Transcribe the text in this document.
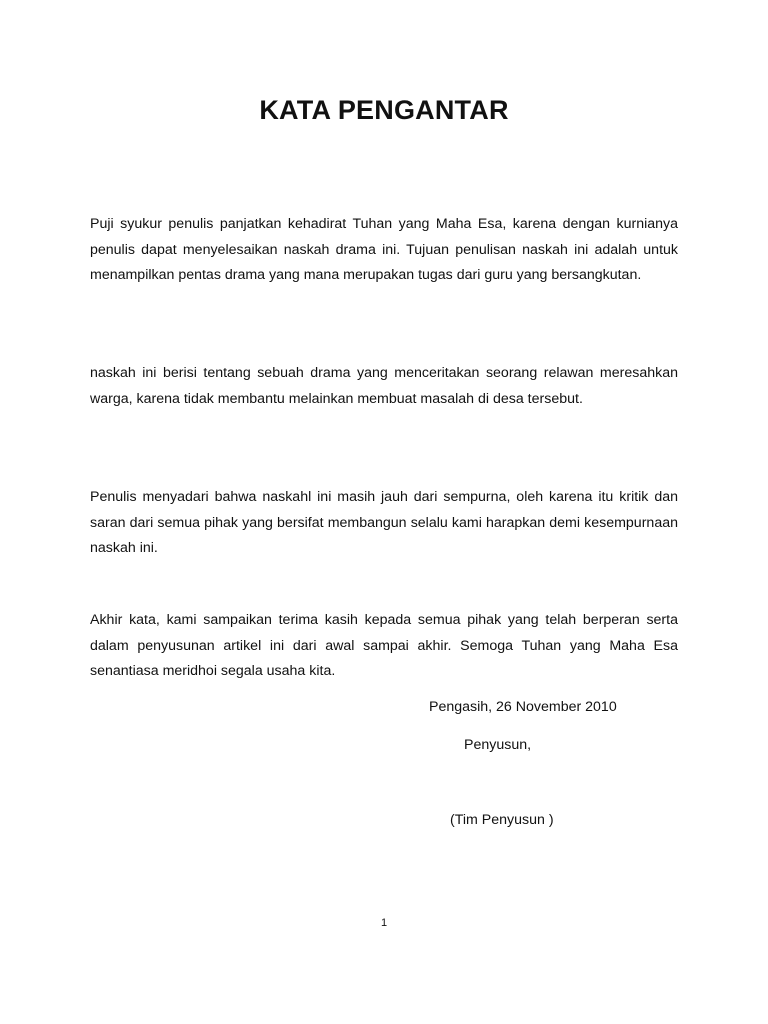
KATA PENGANTAR

Puji syukur penulis panjatkan kehadirat Tuhan yang Maha Esa, karena dengan kurnianya penulis dapat menyelesaikan naskah drama ini. Tujuan penulisan naskah ini adalah untuk menampilkan pentas drama yang mana merupakan tugas dari guru yang bersangkutan.

naskah ini berisi tentang sebuah drama yang menceritakan seorang relawan meresahkan warga, karena tidak membantu melainkan membuat masalah di desa tersebut.

Penulis menyadari bahwa naskahl ini masih jauh dari sempurna, oleh karena itu kritik dan saran dari semua pihak yang bersifat membangun selalu kami harapkan demi kesempurnaan naskah ini.

Akhir kata, kami sampaikan terima kasih kepada semua pihak yang telah berperan serta dalam penyusunan artikel ini dari awal sampai akhir. Semoga Tuhan yang Maha Esa senantiasa meridhoi segala usaha kita.

Pengasih, 26 November 2010

Penyusun,

(Tim Penyusun )

1
